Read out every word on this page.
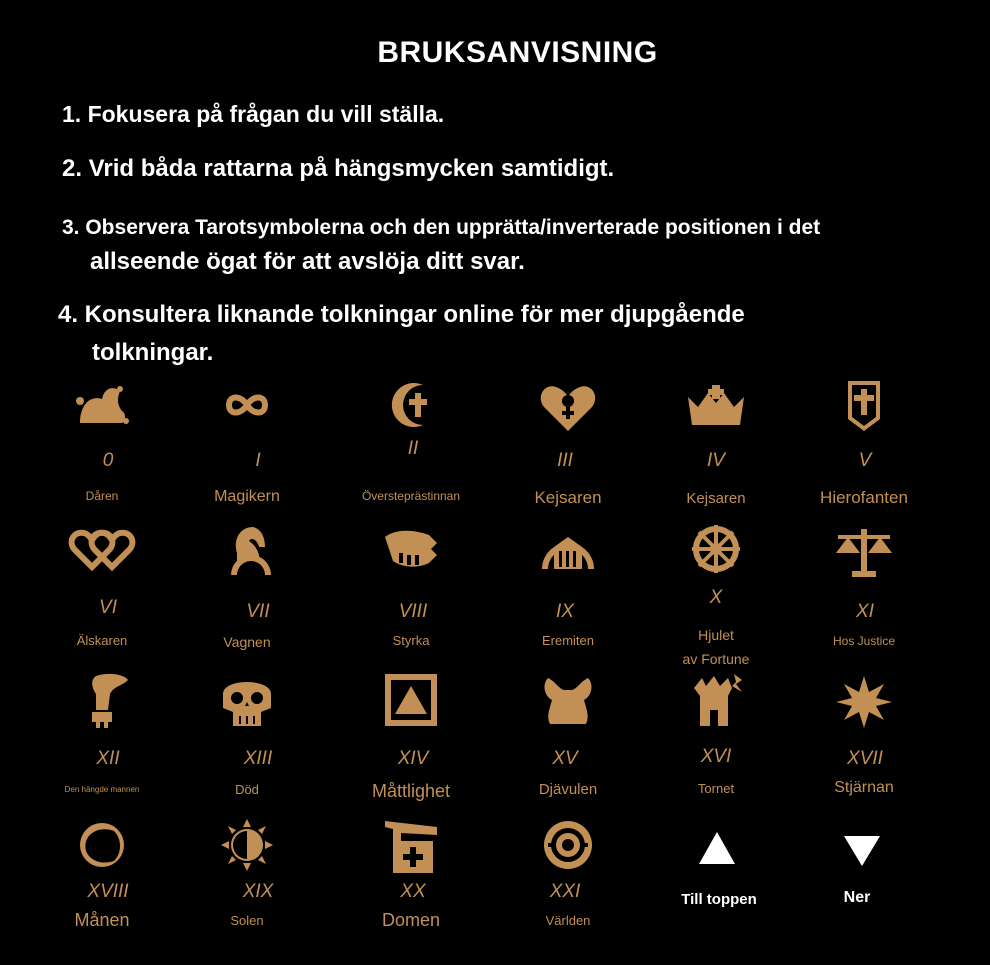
BRUKSANVISNING
1. Fokusera på frågan du vill ställa.
2. Vrid båda rattarna på hängsmycken samtidigt.
3. Observera Tarotsymbolerna och den upprätta/inverterade positionen i det
allseende ögat för att avslöja ditt svar.
4. Konsultera liknande tolkningar online för mer djupgående
tolkningar.
0
Dåren
I
Magikern
II
Översteprästinnan
III
Kejsaren
IV
Kejsaren
V
Hierofanten
VI
Älskaren
VII
Vagnen
VIII
Styrka
IX
Eremiten
X
Hjulet
av Fortune
XI
Hos Justice
XII
Den hängde mannen
XIII
Död
XIV
Måttlighet
XV
Djävulen
XVI
Tornet
XVII
Stjärnan
XVIII
Månen
XIX
Solen
XX
Domen
XXI
Världen
Till toppen	Ner
